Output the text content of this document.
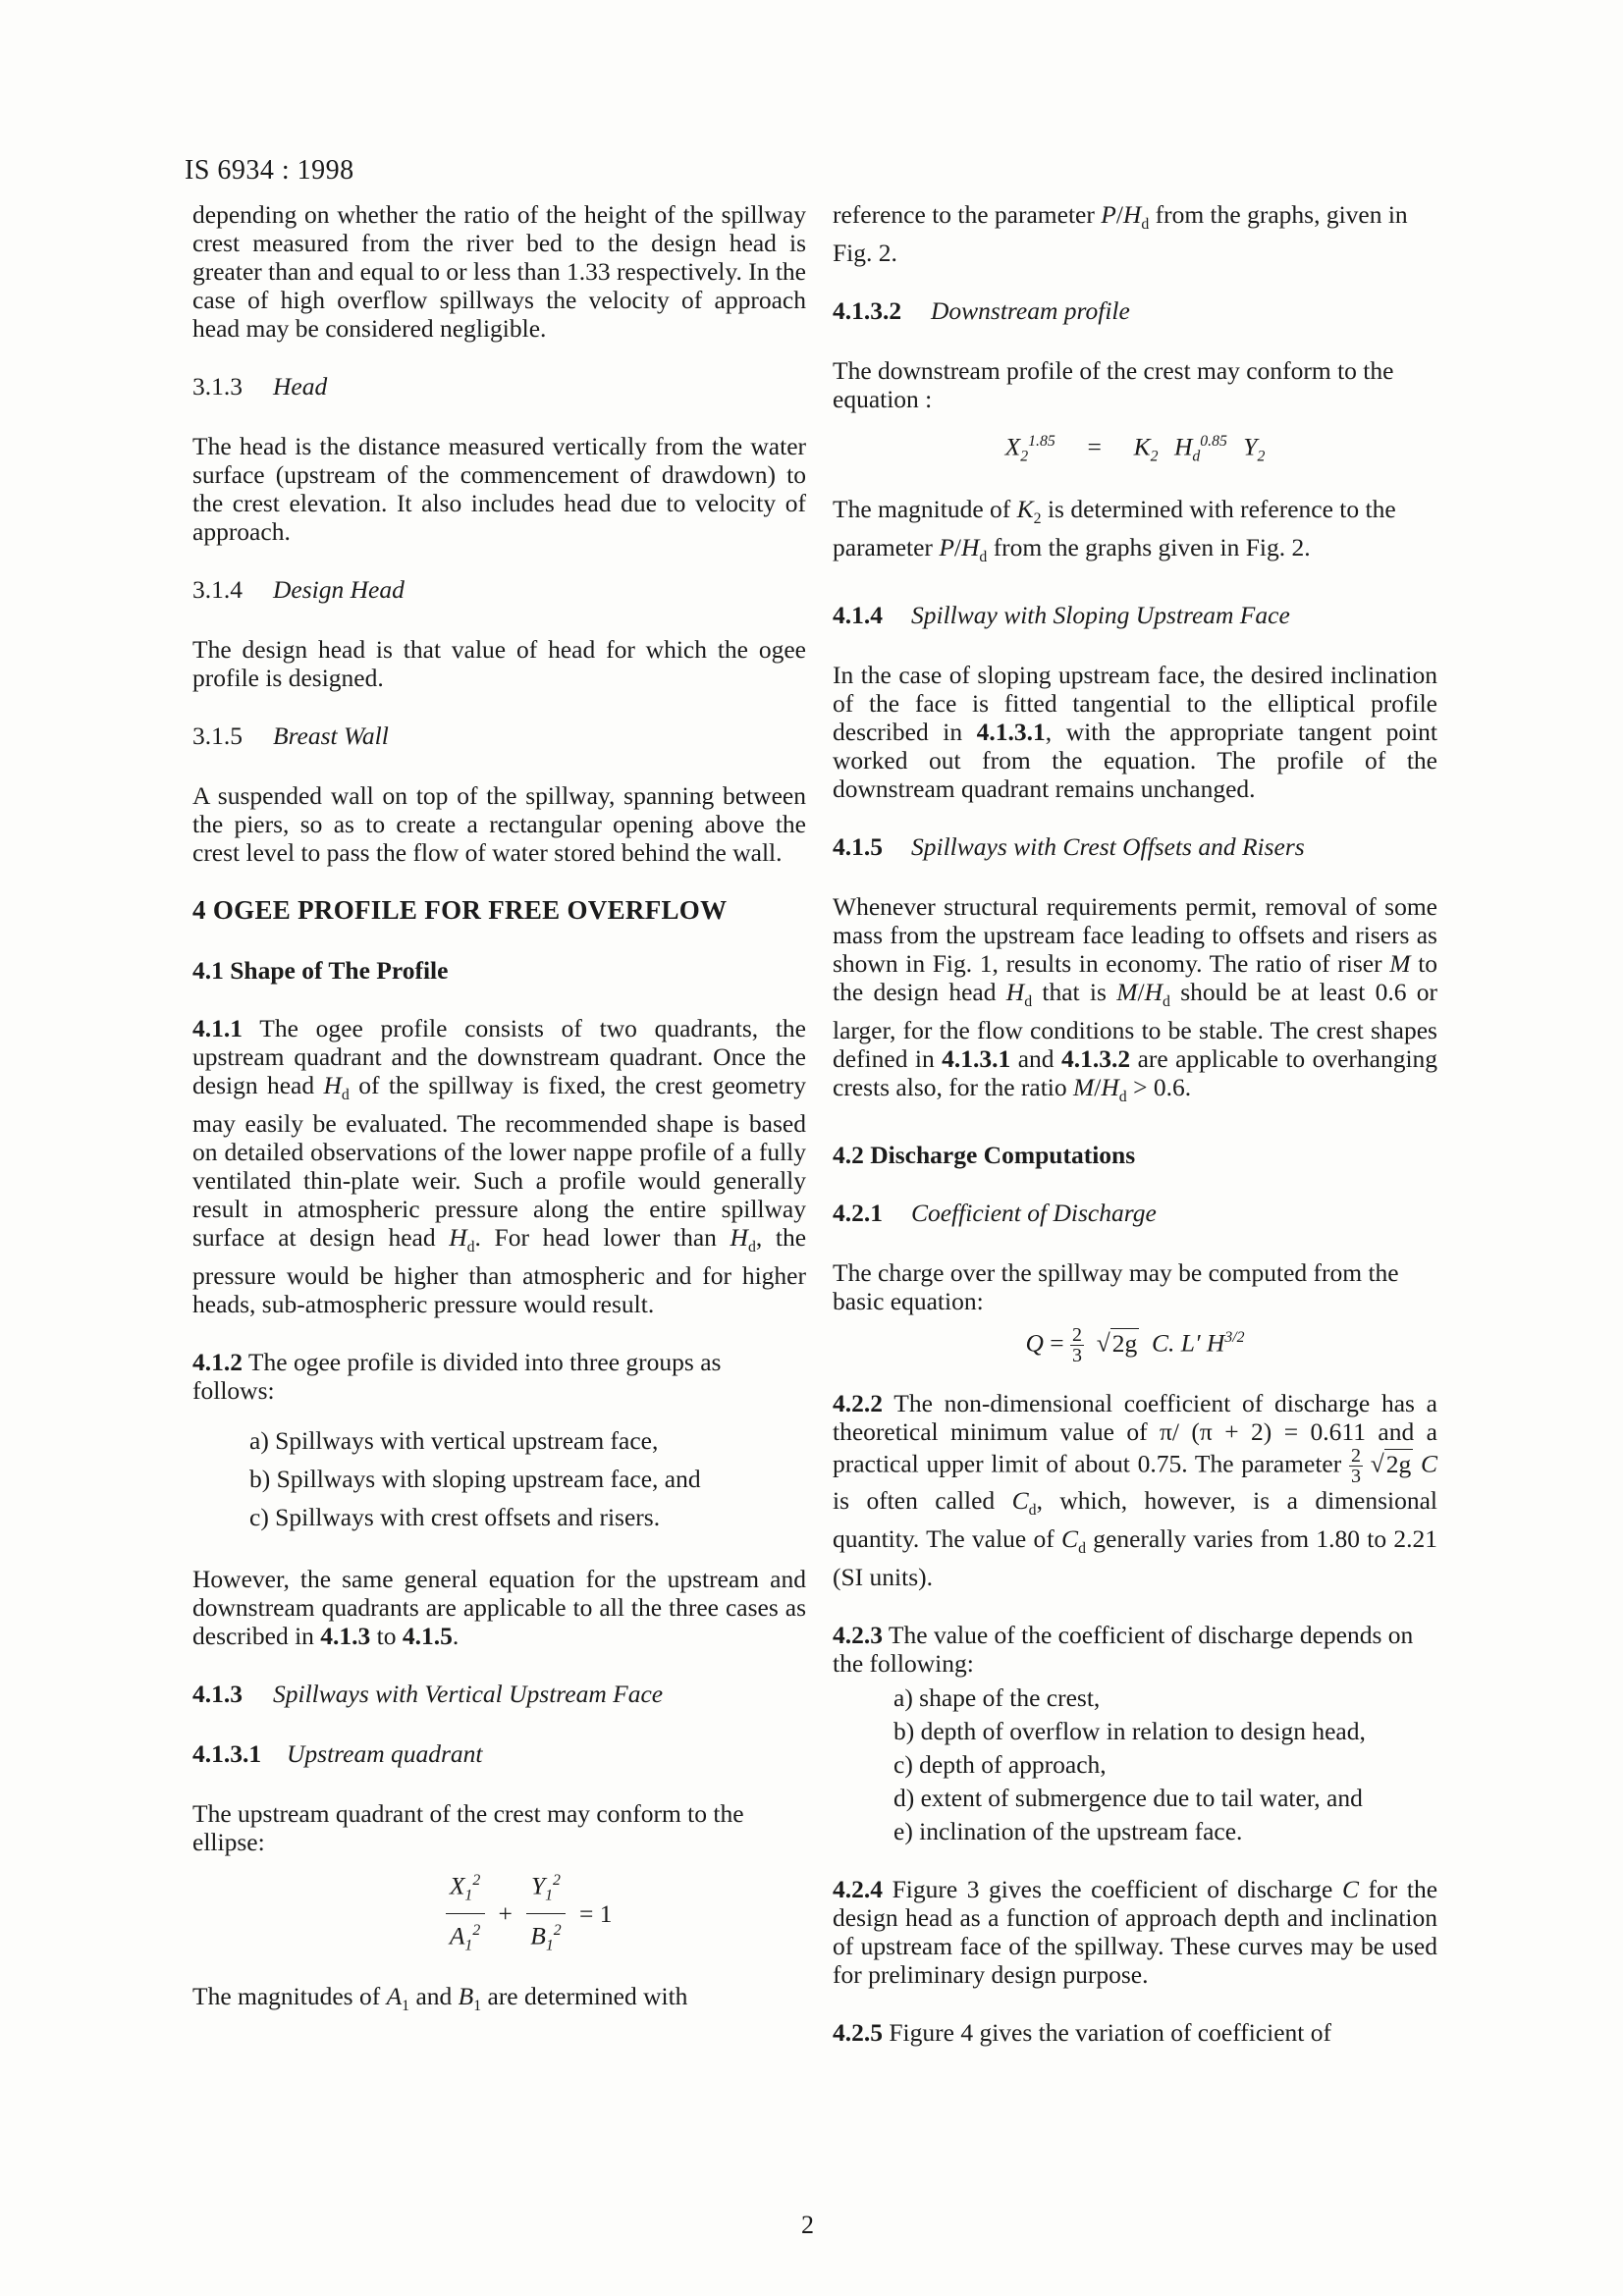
IS 6934 : 1998

depending on whether the ratio of the height of the spillway crest measured from the river bed to the design head is greater than and equal to or less than 1.33 respectively. In the case of high overflow spillways the velocity of approach head may be considered negligible.

3.1.3 Head

The head is the distance measured vertically from the water surface (upstream of the commencement of drawdown) to the crest elevation. It also includes head due to velocity of approach.

3.1.4 Design Head

The design head is that value of head for which the ogee profile is designed.

3.1.5 Breast Wall

A suspended wall on top of the spillway, spanning between the piers, so as to create a rectangular opening above the crest level to pass the flow of water stored behind the wall.

4 OGEE PROFILE FOR FREE OVERFLOW

4.1 Shape of The Profile

4.1.1 The ogee profile consists of two quadrants, the upstream quadrant and the downstream quadrant. Once the design head $H_d$ of the spillway is fixed, the crest geometry may easily be evaluated. The recommended shape is based on detailed observations of the lower nappe profile of a fully ventilated thin-plate weir. Such a profile would generally result in atmospheric pressure along the entire spillway surface at design head $H_d$. For head lower than $H_d$, the pressure would be higher than atmospheric and for higher heads, sub-atmospheric pressure would result.

4.1.2 The ogee profile is divided into three groups as follows:

a) Spillways with vertical upstream face,
b) Spillways with sloping upstream face, and
c) Spillways with crest offsets and risers.

However, the same general equation for the upstream and downstream quadrants are applicable to all the three cases as described in 4.1.3 to 4.1.5.

4.1.3 Spillways with Vertical Upstream Face

4.1.3.1 Upstream quadrant

The upstream quadrant of the crest may conform to the ellipse:

$\frac{X_1^2}{A_1^2} + \frac{Y_1^2}{B_1^2} = 1$

The magnitudes of $A_1$ and $B_1$ are determined with

reference to the parameter $P/H_d$ from the graphs, given in Fig. 2.

4.1.3.2 Downstream profile

The downstream profile of the crest may conform to the equation :

$X_2^{1.85} = K_2$ $H_d^{0.85}$ $Y_2$

The magnitude of $K_2$ is determined with reference to the parameter $P/H_d$ from the graphs given in Fig. 2.

4.1.4 Spillway with Sloping Upstream Face

In the case of sloping upstream face, the desired inclination of the face is fitted tangential to the elliptical profile described in 4.1.3.1, with the appropriate tangent point worked out from the equation. The profile of the downstream quadrant remains unchanged.

4.1.5 Spillways with Crest Offsets and Risers

Whenever structural requirements permit, removal of some mass from the upstream face leading to offsets and risers as shown in Fig. 1, results in economy. The ratio of riser M to the design head $H_d$ that is $M/H_d$ should be at least 0.6 or larger, for the flow conditions to be stable. The crest shapes defined in 4.1.3.1 and 4.1.3.2 are applicable to overhanging crests also, for the ratio $M/H_d > 0.6$.

4.2 Discharge Computations

4.2.1 Coefficient of Discharge

The charge over the spillway may be computed from the basic equation:

$Q = \frac{2}{3} √2g$  C. L′ $H^{3/2}$

4.2.2 The non-dimensional coefficient of discharge has a theoretical minimum value of π/ (π + 2) = 0.611 and a practical upper limit of about 0.75. The parameter $\frac{2}{3} √2g$ C is often called $C_d$, which, however, is a dimensional quantity. The value of $C_d$ generally varies from 1.80 to 2.21 (SI units).

4.2.3 The value of the coefficient of discharge depends on the following:

a) shape of the crest,
b) depth of overflow in relation to design head,
c) depth of approach,
d) extent of submergence due to tail water, and
e) inclination of the upstream face.

4.2.4 Figure 3 gives the coefficient of discharge C for the design head as a function of approach depth and inclination of upstream face of the spillway. These curves may be used for preliminary design purpose.

4.2.5 Figure 4 gives the variation of coefficient of

2
